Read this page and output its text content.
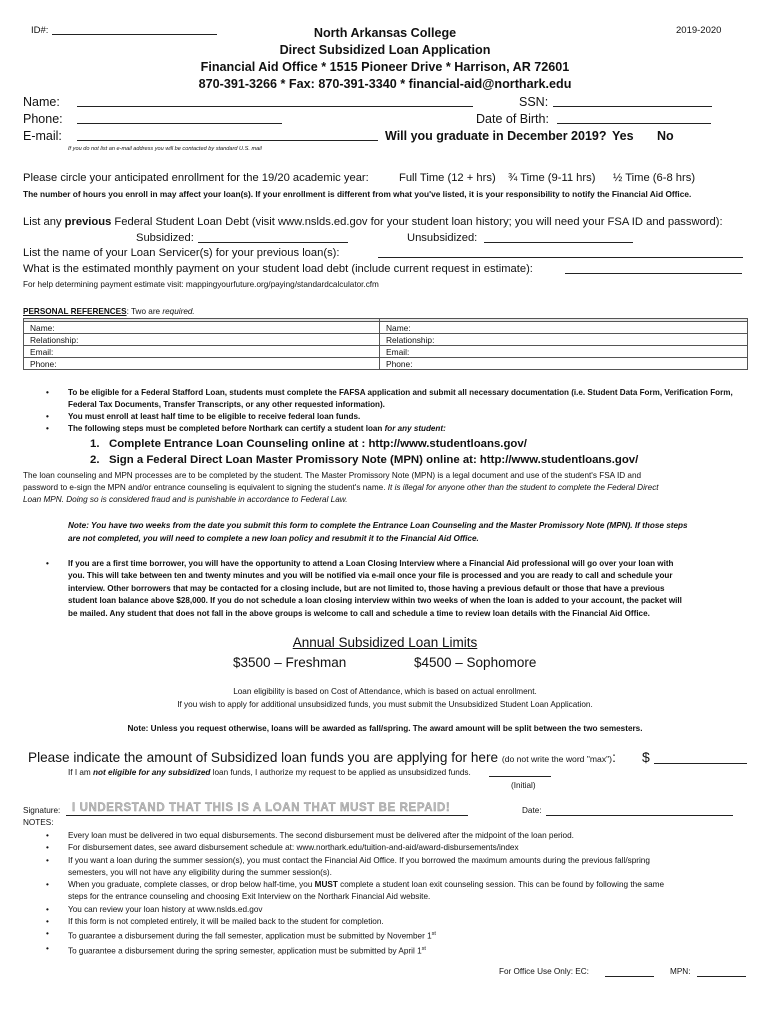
ID#:	2019-2020
North Arkansas College
Direct Subsidized Loan Application
Financial Aid Office * 1515 Pioneer Drive * Harrison, AR 72601
870-391-3266 * Fax: 870-391-3340 * financial-aid@northark.edu
Name:	SSN:
Phone:	Date of Birth:
E-mail:	Will you graduate in December 2019? Yes No
If you do not list an e-mail address you will be contacted by standard U.S. mail
Please circle your anticipated enrollment for the 19/20 academic year:	Full Time (12 + hrs) ¾ Time (9-11 hrs) ½ Time (6-8 hrs)
The number of hours you enroll in may affect your loan(s). If your enrollment is different from what you've listed, it is your responsibility to notify the Financial Aid Office.
List any previous Federal Student Loan Debt (visit www.nslds.ed.gov for your student loan history; you will need your FSA ID and password):
Subsidized:	Unsubsidized:
List the name of your Loan Servicer(s) for your previous loan(s):
What is the estimated monthly payment on your student load debt (include current request in estimate):
For help determining payment estimate visit: mappingyourfuture.org/paying/standardcalculator.cfm
PERSONAL REFERENCES: Two are required.

Name:	Name:
Relationship:	Relationship:
Email:	Email:
Phone:	Phone:
• To be eligible for a Federal Stafford Loan, students must complete the FAFSA application and submit all necessary documentation (i.e. Student Data Form, Verification Form, Federal Tax Documents, Transfer Transcripts, or any other requested information).
• You must enroll at least half time to be eligible to receive federal loan funds.
• The following steps must be completed before Northark can certify a student loan for any student:
1. Complete Entrance Loan Counseling online at : http://www.studentloans.gov/
2. Sign a Federal Direct Loan Master Promissory Note (MPN) online at: http://www.studentloans.gov/
The loan counseling and MPN processes are to be completed by the student. The Master Promissory Note (MPN) is a legal document and use of the student's FSA ID and
password to e-sign the MPN and/or entrance counseling is equivalent to signing the student's name. It is illegal for anyone other than the student to complete the Federal Direct
Loan MPN. Doing so is considered fraud and is punishable in accordance to Federal Law.
Note: You have two weeks from the date you submit this form to complete the Entrance Loan Counseling and the Master Promissory Note (MPN). If those steps
are not completed, you will need to complete a new loan policy and resubmit it to the Financial Aid Office.
• If you are a first time borrower, you will have the opportunity to attend a Loan Closing Interview where a Financial Aid professional will go over your loan with
you. This will take between ten and twenty minutes and you will be notified via e-mail once your file is processed and you are ready to call and schedule your
interview. Other borrowers that may be contacted for a closing include, but are not limited to, those having a previous default or those that have a previous
student loan balance above $28,000. If you do not schedule a loan closing interview within two weeks of when the loan is added to your account, the packet will
be mailed. Any student that does not fall in the above groups is welcome to call and schedule a time to review loan details with the Financial Aid Office.
Annual Subsidized Loan Limits
$3500 – Freshman	$4500 – Sophomore
Loan eligibility is based on Cost of Attendance, which is based on actual enrollment.
If you wish to apply for additional unsubsidized funds, you must submit the Unsubsidized Student Loan Application.
Note: Unless you request otherwise, loans will be awarded as fall/spring. The award amount will be split between the two semesters.
Please indicate the amount of Subsidized loan funds you are applying for here (do not write the word "max"): $
If I am not eligible for any subsidized loan funds, I authorize my request to be applied as unsubsidized funds.
(Initial)
Signature: I UNDERSTAND THAT THIS IS A LOAN THAT MUST BE REPAID!	Date:
NOTES:
• Every loan must be delivered in two equal disbursements. The second disbursement must be delivered after the midpoint of the loan period.
• For disbursement dates, see award disbursement schedule at: www.northark.edu/tuition-and-aid/award-disbursements/index
• If you want a loan during the summer session(s), you must contact the Financial Aid Office. If you borrowed the maximum amounts during the previous fall/spring
semesters, you will not have any eligibility during the summer session(s).
• When you graduate, complete classes, or drop below half-time, you MUST complete a student loan exit counseling session. This can be found by following the same
steps for the entrance counseling and choosing Exit Interview on the Northark Financial Aid website.
• You can review your loan history at www.nslds.ed.gov
• If this form is not completed entirely, it will be mailed back to the student for completion.
• To guarantee a disbursement during the fall semester, application must be submitted by November 1st
• To guarantee a disbursement during the spring semester, application must be submitted by April 1st
For Office Use Only: EC:	MPN:
